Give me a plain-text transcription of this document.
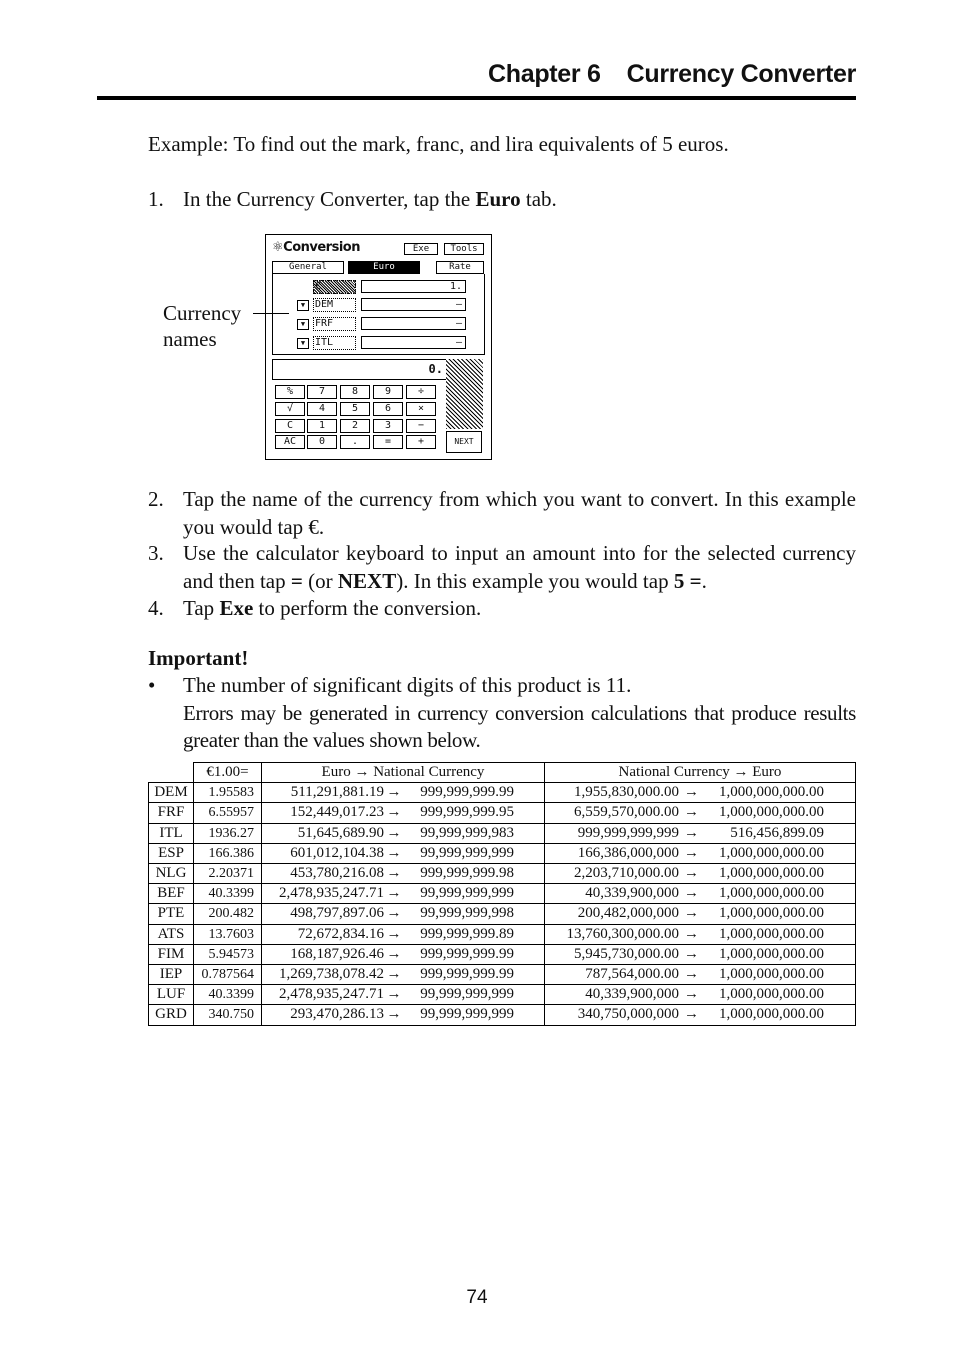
Chapter 6 Currency Converter
Example: To find out the mark, franc, and lira equivalents of 5 euros.
1. In the Currency Converter, tap the Euro tab.
⚛Conversion	Exe	Tools
General	Euro	Rate
€	1.
▼ DEM	–
▼ FRF	–
▼ ITL	–
0.
NEXT
%	7	8	9	÷
√	4	5	6	×
C	1	2	3	−
AC	0	.	=	+
Currency
names
2. Tap the name of the currency from which you want to convert. In this example you would tap €.
3. Use the calculator keyboard to input an amount into for the selected currency and then tap = (or NEXT). In this example you would tap 5 =.
4. Tap Exe to perform the conversion.
Important!
• The number of significant digits of this product is 11.
Errors may be generated in currency conversion calculations that produce results greater than the values shown below.
	€1.00=	Euro → National Currency	National Currency → Euro
DEM	1.95583	511,291,881.19 → 999,999,999.99	1,955,830,000.00 → 1,000,000,000.00
FRF	6.55957	152,449,017.23 → 999,999,999.95	6,559,570,000.00 → 1,000,000,000.00
ITL	1936.27	51,645,689.90 → 99,999,999,983	999,999,999,999 → 516,456,899.09
ESP	166.386	601,012,104.38 → 99,999,999,999	166,386,000,000 → 1,000,000,000.00
NLG	2.20371	453,780,216.08 → 999,999,999.98	2,203,710,000.00 → 1,000,000,000.00
BEF	40.3399	2,478,935,247.71 → 99,999,999,999	40,339,900,000 → 1,000,000,000.00
PTE	200.482	498,797,897.06 → 99,999,999,998	200,482,000,000 → 1,000,000,000.00
ATS	13.7603	72,672,834.16 → 999,999,999.89	13,760,300,000.00 → 1,000,000,000.00
FIM	5.94573	168,187,926.46 → 999,999,999.99	5,945,730,000.00 → 1,000,000,000.00
IEP	0.787564	1,269,738,078.42 → 999,999,999.99	787,564,000.00 → 1,000,000,000.00
LUF	40.3399	2,478,935,247.71 → 99,999,999,999	40,339,900,000 → 1,000,000,000.00
GRD	340.750	293,470,286.13 → 99,999,999,999	340,750,000,000 → 1,000,000,000.00
74
